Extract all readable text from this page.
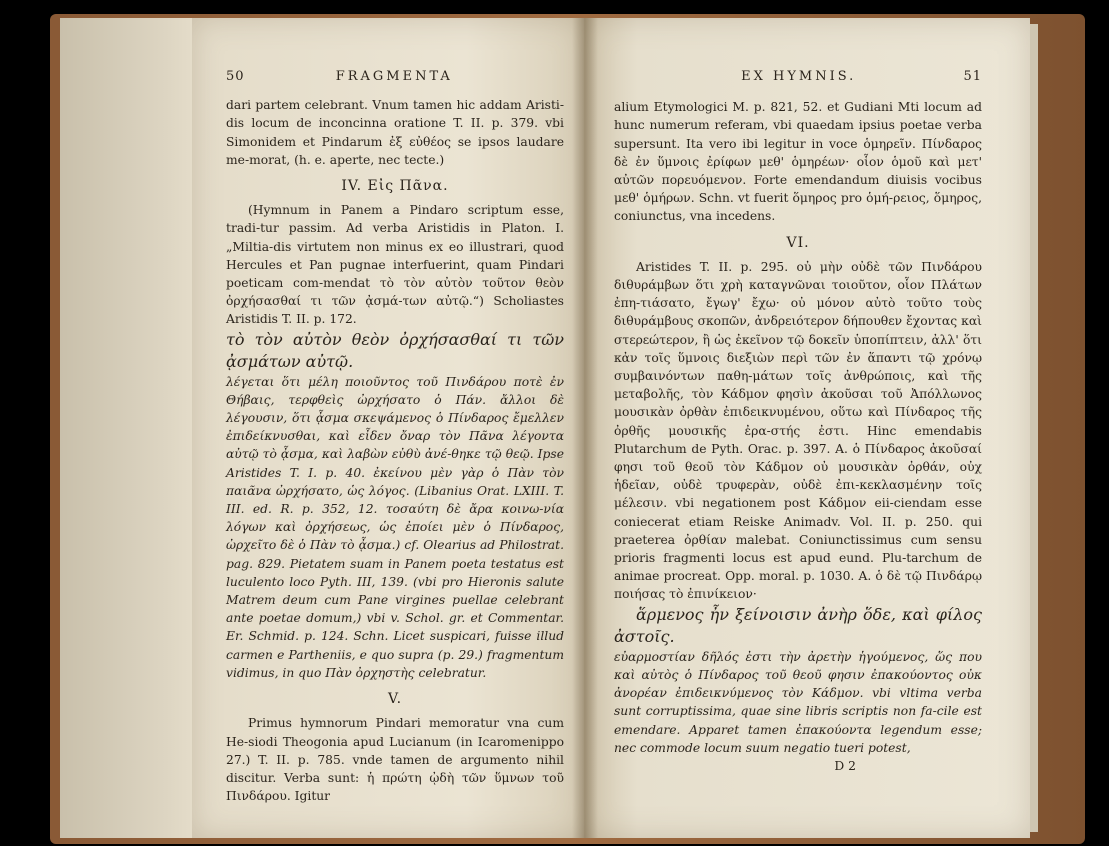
50	FRAGMENTA

dari partem celebrant. Vnum tamen hic addam Aristi-dis locum de inconcinna oratione T. II. p. 379. vbi Simonidem et Pindarum ἐξ εὐθέος se ipsos laudare me-morat, (h. e. aperte, nec tecte.)

IV. Εἰς Πᾶνα.

(Hymnum in Panem a Pindaro scriptum esse, tradi-tur passim. Ad verba Aristidis in Platon. I. „Miltia-dis virtutem non minus ex eo illustrari, quod Hercules et Pan pugnae interfuerint, quam Pindari poeticam com-mendat τὸ τὸν αὐτὸν τοῦτον θεὸν ὀρχήσασθαί τι τῶν ᾀσμά-των αὐτῷ.“) Scholiastes Aristidis T. II. p. 172.

τὸ τὸν αὐτὸν θεὸν ὀρχήσασθαί τι τῶν ᾀσμάτων αὐτῷ.

λέγεται ὅτι μέλη ποιοῦντος τοῦ Πινδάρου ποτὲ ἐν Θήβαις, τερφθεὶς ὠρχήσατο ὁ Πάν. ἄλλοι δὲ λέγουσιν, ὅτι ᾆσμα σκεψάμενος ὁ Πίνδαρος ἔμελλεν ἐπιδείκνυσθαι, καὶ εἶδεν ὄναρ τὸν Πᾶνα λέγοντα αὐτῷ τὸ ᾆσμα, καὶ λαβὼν εὐθὺ ἀνέ-θηκε τῷ θεῷ. Ipse Aristides T. I. p. 40. ἐκείνου μὲν γὰρ ὁ Πὰν τὸν παιᾶνα ὠρχήσατο, ὡς λόγος. (Libanius Orat. LXIII. T. III. ed. R. p. 352, 12. τοσαύτη δὲ ἄρα κοινω-νία λόγων καὶ ὀρχήσεως, ὡς ἐποίει μὲν ὁ Πίνδαρος, ὠρχεῖτο δὲ ὁ Πὰν τὸ ᾆσμα.) cf. Olearius ad Philostrat. pag. 829. Pietatem suam in Panem poeta testatus est luculento loco Pyth. III, 139. (vbi pro Hieronis salute Matrem deum cum Pane virgines puellae celebrant ante poetae domum,) vbi v. Schol. gr. et Commentar. Er. Schmid. p. 124. Schn. Licet suspicari, fuisse illud carmen e Partheniis, e quo supra (p. 29.) fragmentum vidimus, in quo Πὰν ὀρχηστὴς celebratur.

V.

Primus hymnorum Pindari memoratur vna cum He-siodi Theogonia apud Lucianum (in Icaromenippo 27.) T. II. p. 785. vnde tamen de argumento nihil discitur. Verba sunt: ἡ πρώτη ᾠδὴ τῶν ὕμνων τοῦ Πινδάρου. Igitur

EX HYMNIS.	51

alium Etymologici M. p. 821, 52. et Gudiani Mti locum ad hunc numerum referam, vbi quaedam ipsius poetae verba supersunt. Ita vero ibi legitur in voce ὁμηρεῖν. Πίνδαρος δὲ ἐν ὕμνοις ἐρίφων μεθ' ὁμηρέων· οἷον ὁμοῦ καὶ μετ' αὐτῶν πορευόμενον. Forte emendandum diuisis vocibus μεθ' ὁμήρων. Schn. vt fuerit ὅμηρος pro ὁμή-ρειος, ὅμηρος, coniunctus, vna incedens.

VI.

Aristides T. II. p. 295. οὐ μὴν οὐδὲ τῶν Πινδάρου διθυράμβων ὅτι χρὴ καταγνῶναι τοιοῦτον, οἷον Πλάτων ἐπη-τιάσατο, ἔγωγ' ἔχω· οὐ μόνον αὐτὸ τοῦτο τοὺς διθυράμβους σκοπῶν, ἀνδρειότερον δήπουθεν ἔχοντας καὶ στερεώτερον, ἢ ὡς ἐκεῖνον τῷ δοκεῖν ὑποπίπτειν, ἀλλ' ὅτι κἀν τοῖς ὕμνοις διεξιὼν περὶ τῶν ἐν ἅπαντι τῷ χρόνῳ συμβαινόντων παθη-μάτων τοῖς ἀνθρώποις, καὶ τῆς μεταβολῆς, τὸν Κάδμον φησὶν ἀκοῦσαι τοῦ Ἀπόλλωνος μουσικὰν ὀρθὰν ἐπιδεικνυμένου, οὕτω καὶ Πίνδαρος τῆς ὀρθῆς μουσικῆς ἐρα-στής ἐστι. Hinc emendabis Plutarchum de Pyth. Orac. p. 397. A. ὁ Πίνδαρος ἀκοῦσαί φησι τοῦ θεοῦ τὸν Κάδμον οὐ μουσικὰν ὀρθάν, οὐχ ἡδεῖαν, οὐδὲ τρυφερὰν, οὐδὲ ἐπι-κεκλασμένην τοῖς μέλεσιν. vbi negationem post Κάδμον eii-ciendam esse coniecerat etiam Reiske Animadv. Vol. II. p. 250. qui praeterea ὀρθίαν malebat. Coniunctissimus cum sensu prioris fragmenti locus est apud eund. Plu-tarchum de animae procreat. Opp. moral. p. 1030. A. ὁ δὲ τῷ Πινδάρῳ ποιήσας τὸ ἐπινίκειον·

ἅρμενος ἦν ξείνοισιν ἀνὴρ ὅδε, καὶ φίλος ἀστοῖς.

εὐαρμοστίαν δῆλός ἐστι τὴν ἀρετὴν ἡγούμενος, ὥς που καὶ αὐτὸς ὁ Πίνδαρος τοῦ θεοῦ φησιν ἐπακούοντος οὐκ ἀνορέαν ἐπιδεικνύμενος τὸν Κάδμον. vbi vltima verba sunt corruptissima, quae sine libris scriptis non fa-cile est emendare. Apparet tamen ἐπακούοντα legendum esse; nec commode locum suum negatio tueri potest,

D 2
